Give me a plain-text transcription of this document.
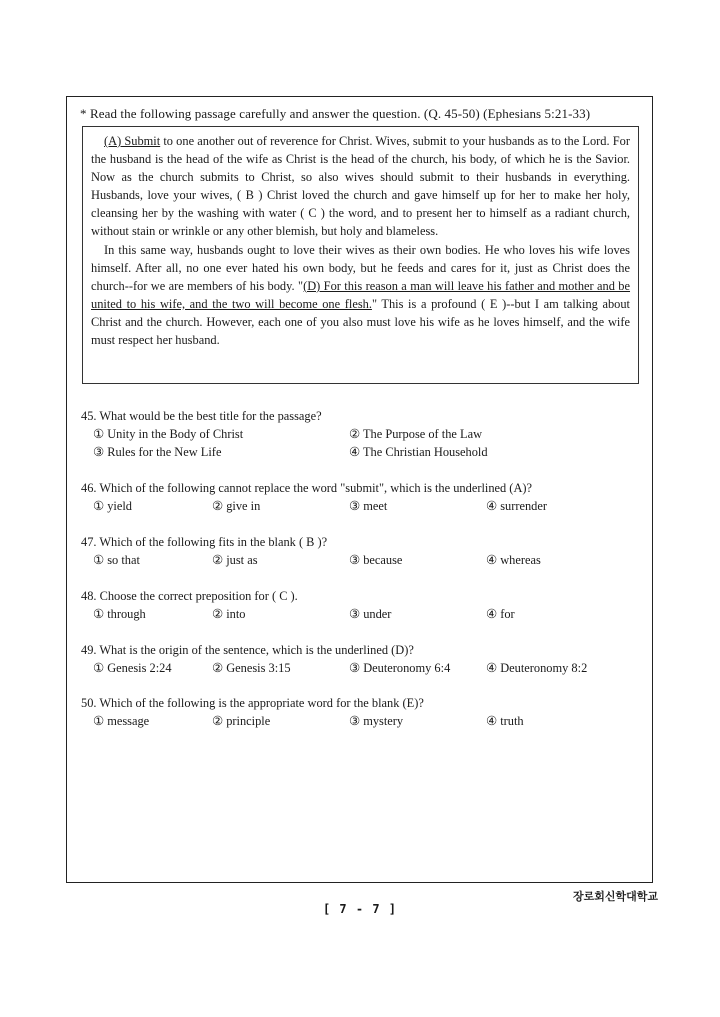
* Read the following passage carefully and answer the question. (Q. 45-50) (Ephesians 5:21-33)

(A) Submit to one another out of reverence for Christ. Wives, submit to your husbands as to the Lord. For the husband is the head of the wife as Christ is the head of the church, his body, of which he is the Savior. Now as the church submits to Christ, so also wives should submit to their husbands in everything. Husbands, love your wives, ( B ) Christ loved the church and gave himself up for her to make her holy, cleansing her by the washing with water ( C ) the word, and to present her to himself as a radiant church, without stain or wrinkle or any other blemish, but holy and blameless.

In this same way, husbands ought to love their wives as their own bodies. He who loves his wife loves himself. After all, no one ever hated his own body, but he feeds and cares for it, just as Christ does the church--for we are members of his body. "(D) For this reason a man will leave his father and mother and be united to his wife, and the two will become one flesh." This is a profound ( E )--but I am talking about Christ and the church. However, each one of you also must love his wife as he loves himself, and the wife must respect her husband.

45. What would be the best title for the passage?
① Unity in the Body of Christ	② The Purpose of the Law
③ Rules for the New Life	④ The Christian Household
46. Which of the following cannot replace the word "submit", which is the underlined (A)?
① yield	② give in	③ meet	④ surrender
47. Which of the following fits in the blank ( B )?
① so that	② just as	③ because	④ whereas
48. Choose the correct preposition for ( C ).
① through	② into	③ under	④ for
49. What is the origin of the sentence, which is the underlined (D)?
① Genesis 2:24	② Genesis 3:15	③ Deuteronomy 6:4	④ Deuteronomy 8:2
50. Which of the following is the appropriate word for the blank (E)?
① message	② principle	③ mystery	④ truth
장로회신학대학교
[ 7 - 7 ]
